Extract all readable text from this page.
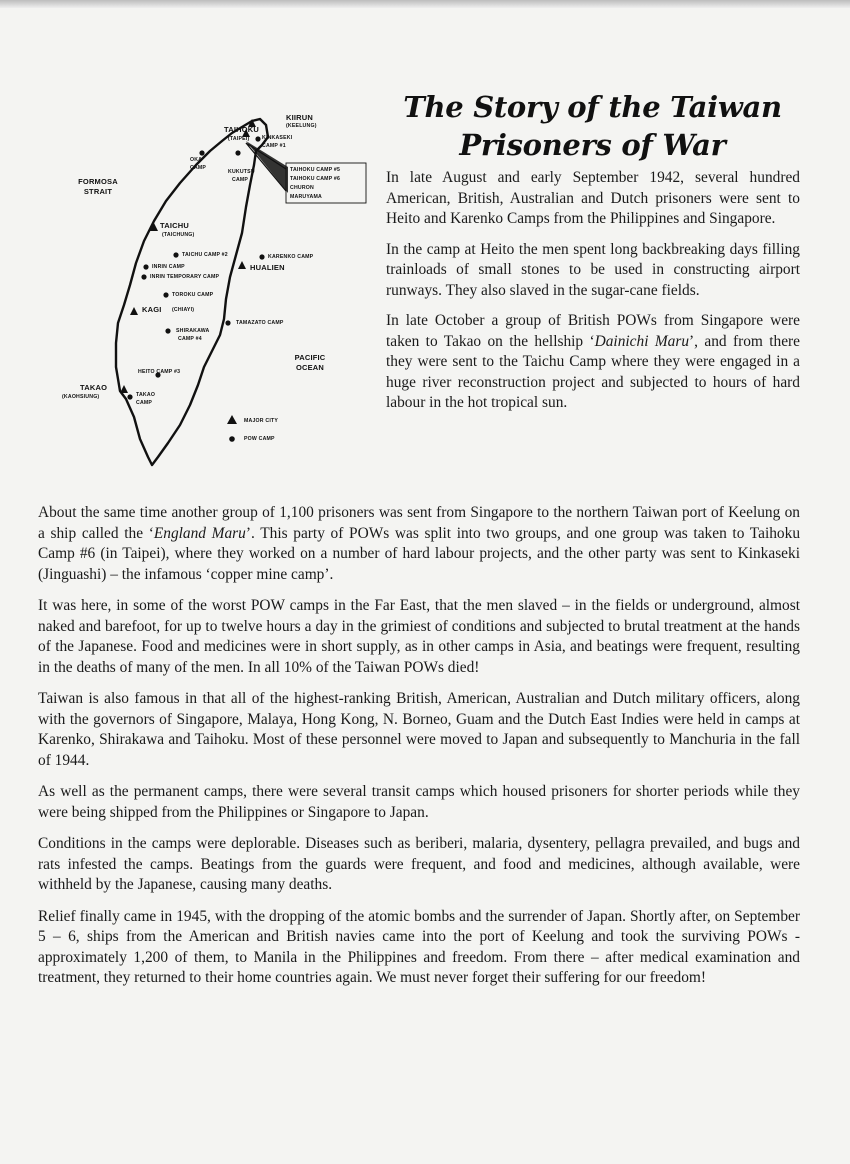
KIIRUN
(KEELUNG)
KINKASEKI
CAMP #1
TAIHOKU
(TAIPEI)
OKA
CAMP
KUKUTSU
CAMP
TAIHOKU CAMP #5
TAIHOKU CAMP #6
CHURON
MARUYAMA
FORMOSA
STRAIT
TAICHU
(TAICHUNG)
TAICHU CAMP #2
INRIN CAMP
INRIN TEMPORARY CAMP
KARENKO CAMP
HUALIEN
TOROKU CAMP
KAGI (CHIAYI)
SHIRAKAWA
CAMP #4
TAMAZATO CAMP
PACIFIC
OCEAN
HEITO CAMP #3
TAKAO
(KAOHSIUNG)	TAKAO
CAMP
MAJOR CITY
POW CAMP
The Story of the Taiwan
Prisoners of War

In late August and early September 1942, several hundred American, British, Australian and Dutch prisoners were sent to Heito and Karenko Camps from the Philippines and Singapore.

In the camp at Heito the men spent long backbreaking days filling trainloads of small stones to be used in constructing airport runways. They also slaved in the sugar-cane fields.

In late October a group of British POWs from Singapore were taken to Takao on the hellship ‘Dainichi Maru’, and from there they were sent to the Taichu Camp where they were engaged in a huge river reconstruction project and subjected to hours of hard labour in the hot tropical sun.

About the same time another group of 1,100 prisoners was sent from Singapore to the northern Taiwan port of Keelung on a ship called the ‘England Maru’. This party of POWs was split into two groups, and one group was taken to Taihoku Camp #6 (in Taipei), where they worked on a number of hard labour projects, and the other party was sent to Kinkaseki (Jinguashi) – the infamous ‘copper mine camp’.

It was here, in some of the worst POW camps in the Far East, that the men slaved – in the fields or underground, almost naked and barefoot, for up to twelve hours a day in the grimiest of conditions and subjected to brutal treatment at the hands of the Japanese. Food and medicines were in short supply, as in other camps in Asia, and beatings were frequent, resulting in the deaths of many of the men. In all 10% of the Taiwan POWs died!

Taiwan is also famous in that all of the highest-ranking British, American, Australian and Dutch military officers, along with the governors of Singapore, Malaya, Hong Kong, N. Borneo, Guam and the Dutch East Indies were held in camps at Karenko, Shirakawa and Taihoku. Most of these personnel were moved to Japan and subsequently to Manchuria in the fall of 1944.

As well as the permanent camps, there were several transit camps which housed prisoners for shorter periods while they were being shipped from the Philippines or Singapore to Japan.

Conditions in the camps were deplorable. Diseases such as beriberi, malaria, dysentery, pellagra prevailed, and bugs and rats infested the camps. Beatings from the guards were frequent, and food and medicines, although available, were withheld by the Japanese, causing many deaths.

Relief finally came in 1945, with the dropping of the atomic bombs and the surrender of Japan. Shortly after, on September 5 – 6, ships from the American and British navies came into the port of Keelung and took the surviving POWs - approximately 1,200 of them, to Manila in the Philippines and freedom. From there – after medical examination and treatment, they returned to their home countries again. We must never forget their suffering for our freedom!
